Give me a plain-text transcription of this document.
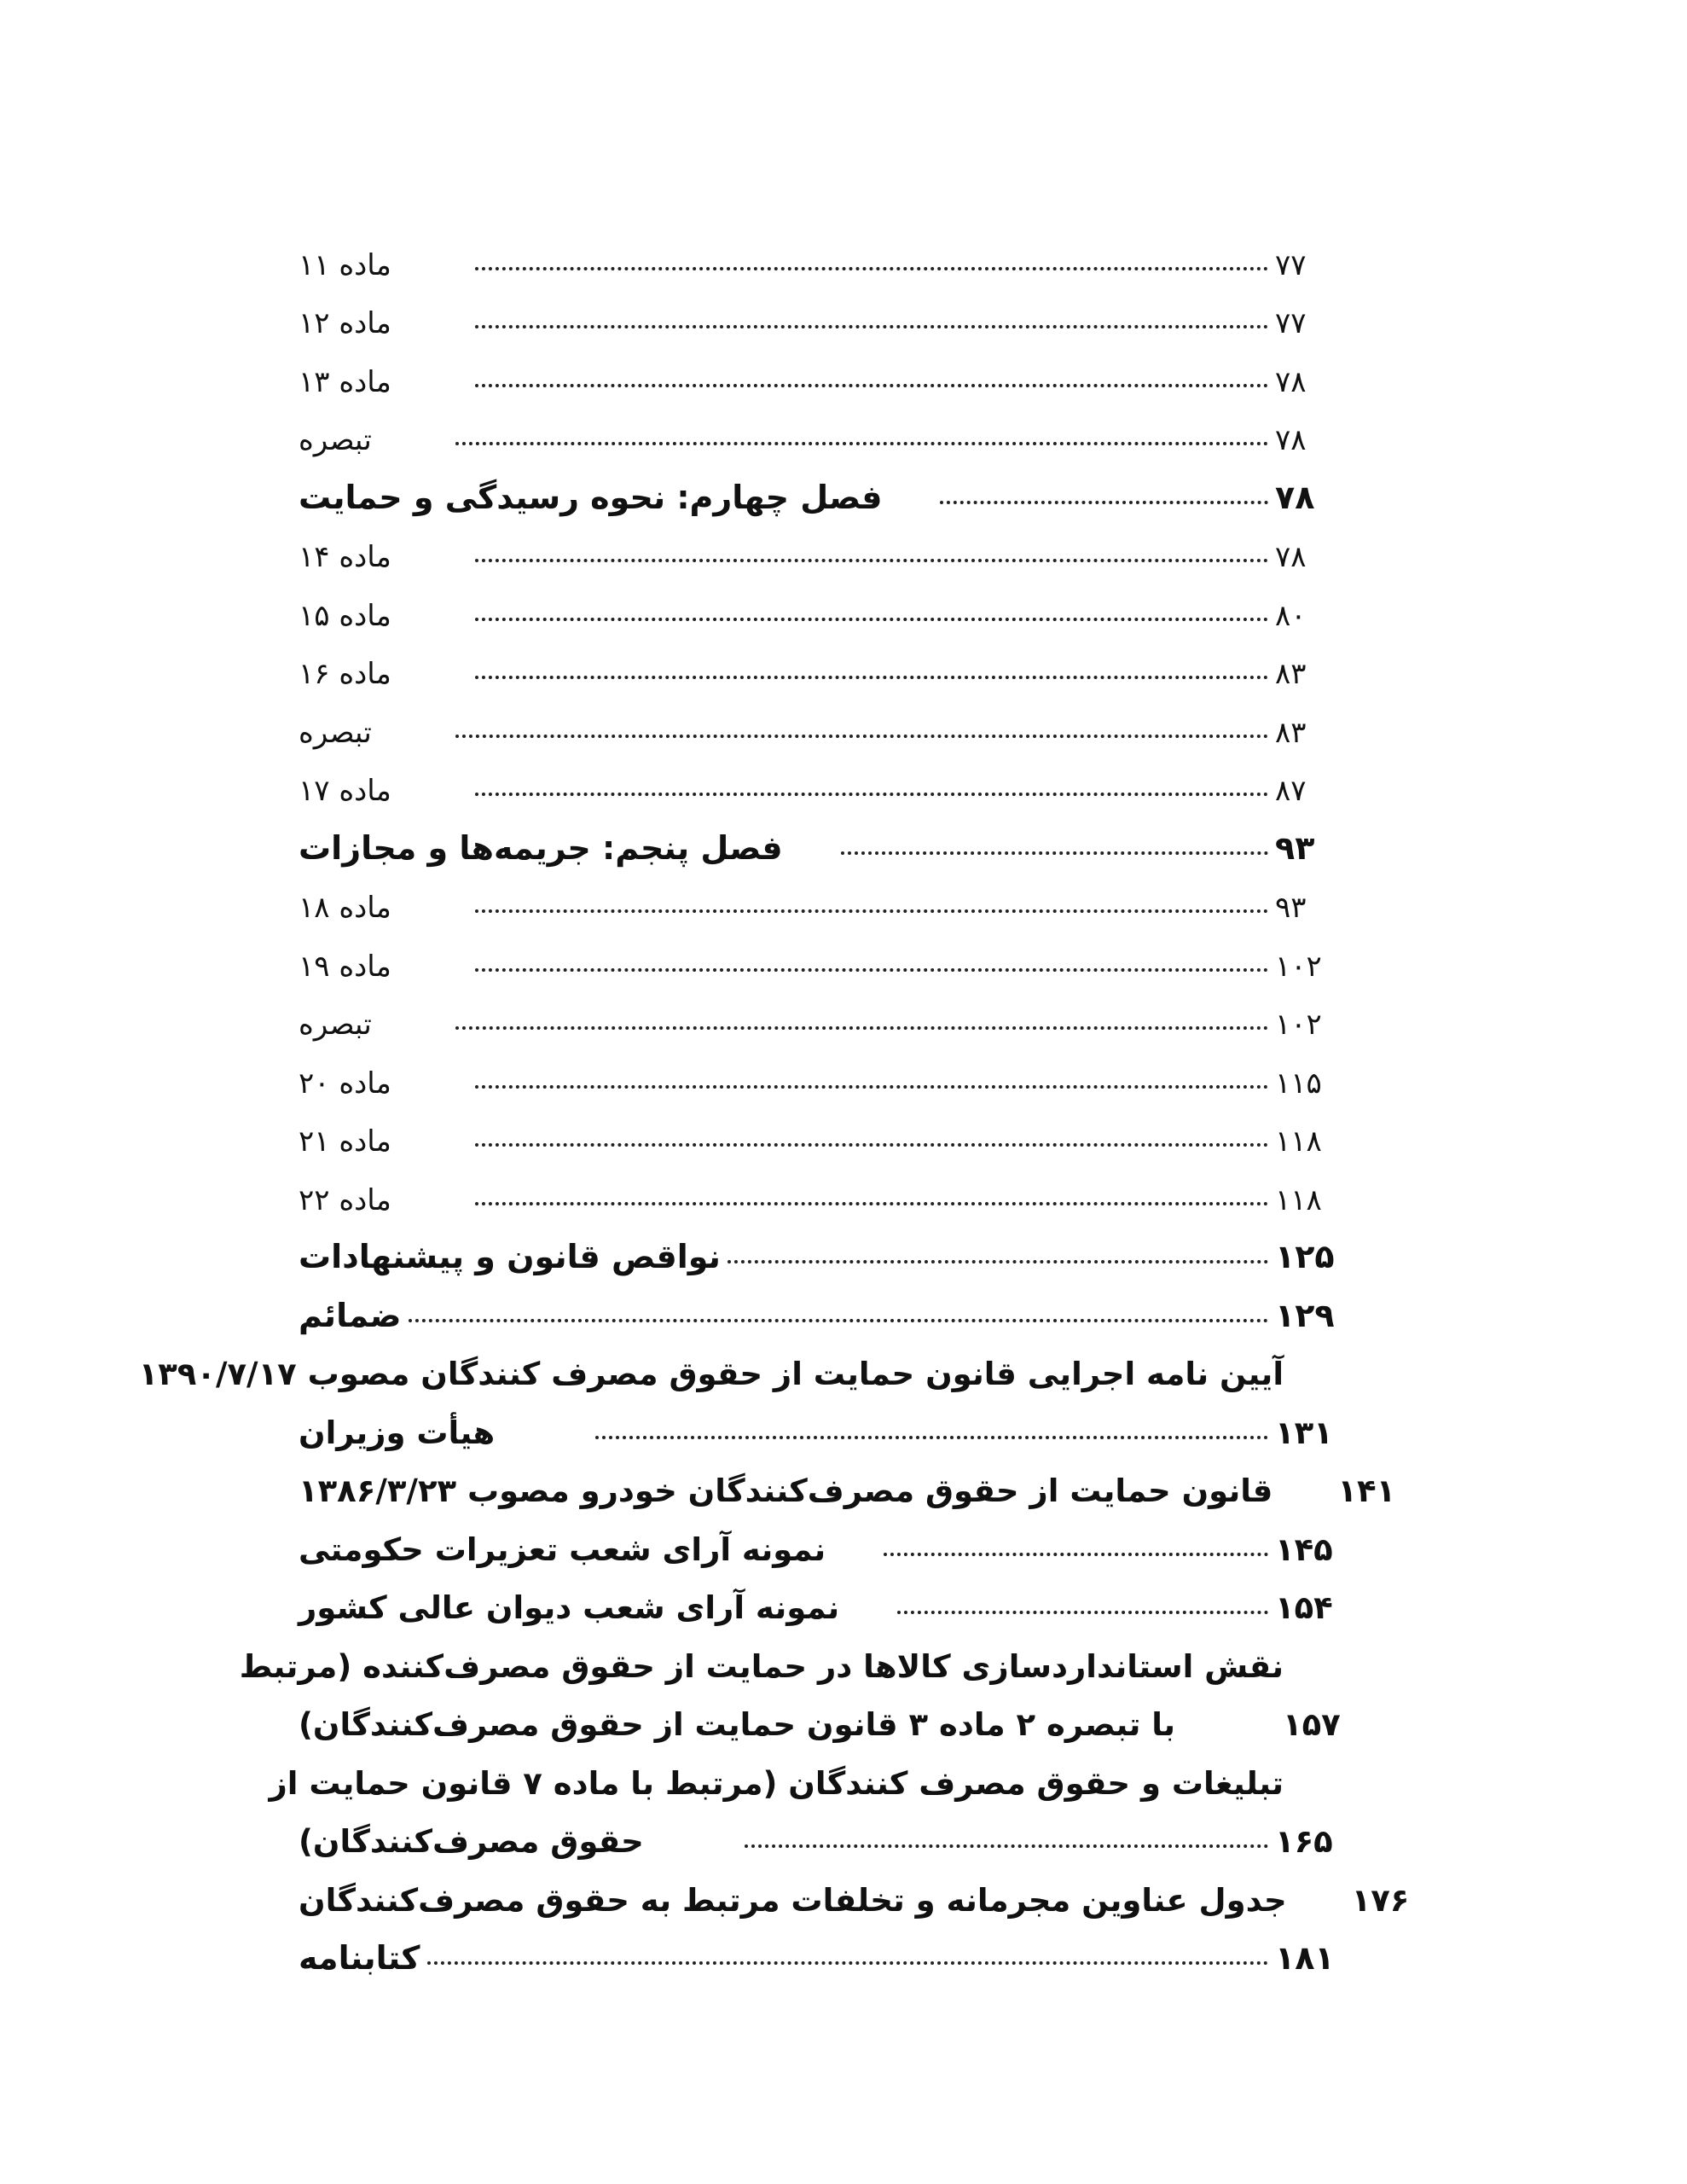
ماده ۱۱	۷۷
ماده ۱۲	۷۷
ماده ۱۳	۷۸
تبصره	۷۸
فصل چهارم: نحوه رسیدگی و حمایت	۷۸
ماده ۱۴	۷۸
ماده ۱۵	۸۰
ماده ۱۶	۸۳
تبصره	۸۳
ماده ۱۷	۸۷
فصل پنجم: جریمه‌ها و مجازات	۹۳
ماده ۱۸	۹۳
ماده ۱۹	۱۰۲
تبصره	۱۰۲
ماده ۲۰	۱۱۵
ماده ۲۱	۱۱۸
ماده ۲۲	۱۱۸
نواقص قانون و پیشنهادات	۱۲۵
ضمائم	۱۲۹
آیین نامه اجرایی قانون حمایت از حقوق مصرف کنندگان مصوب ۱۳۹۰/۷/۱۷
هیأت وزیران	۱۳۱
قانون حمایت از حقوق مصرف‌کنندگان خودرو مصوب ۱۳۸۶/۳/۲۳	۱۴۱
نمونه آرای شعب تعزیرات حکومتی	۱۴۵
نمونه آرای شعب دیوان عالی کشور	۱۵۴
نقش استانداردسازی کالاها در حمایت از حقوق مصرف‌کننده (مرتبط
با تبصره ۲ ماده ۳ قانون حمایت از حقوق مصرف‌کنندگان)	۱۵۷
تبلیغات و حقوق مصرف کنندگان (مرتبط با ماده ۷ قانون حمایت از
حقوق مصرف‌کنندگان)	۱۶۵
جدول عناوین مجرمانه و تخلفات مرتبط به حقوق مصرف‌کنندگان	۱۷۶
کتابنامه	۱۸۱
